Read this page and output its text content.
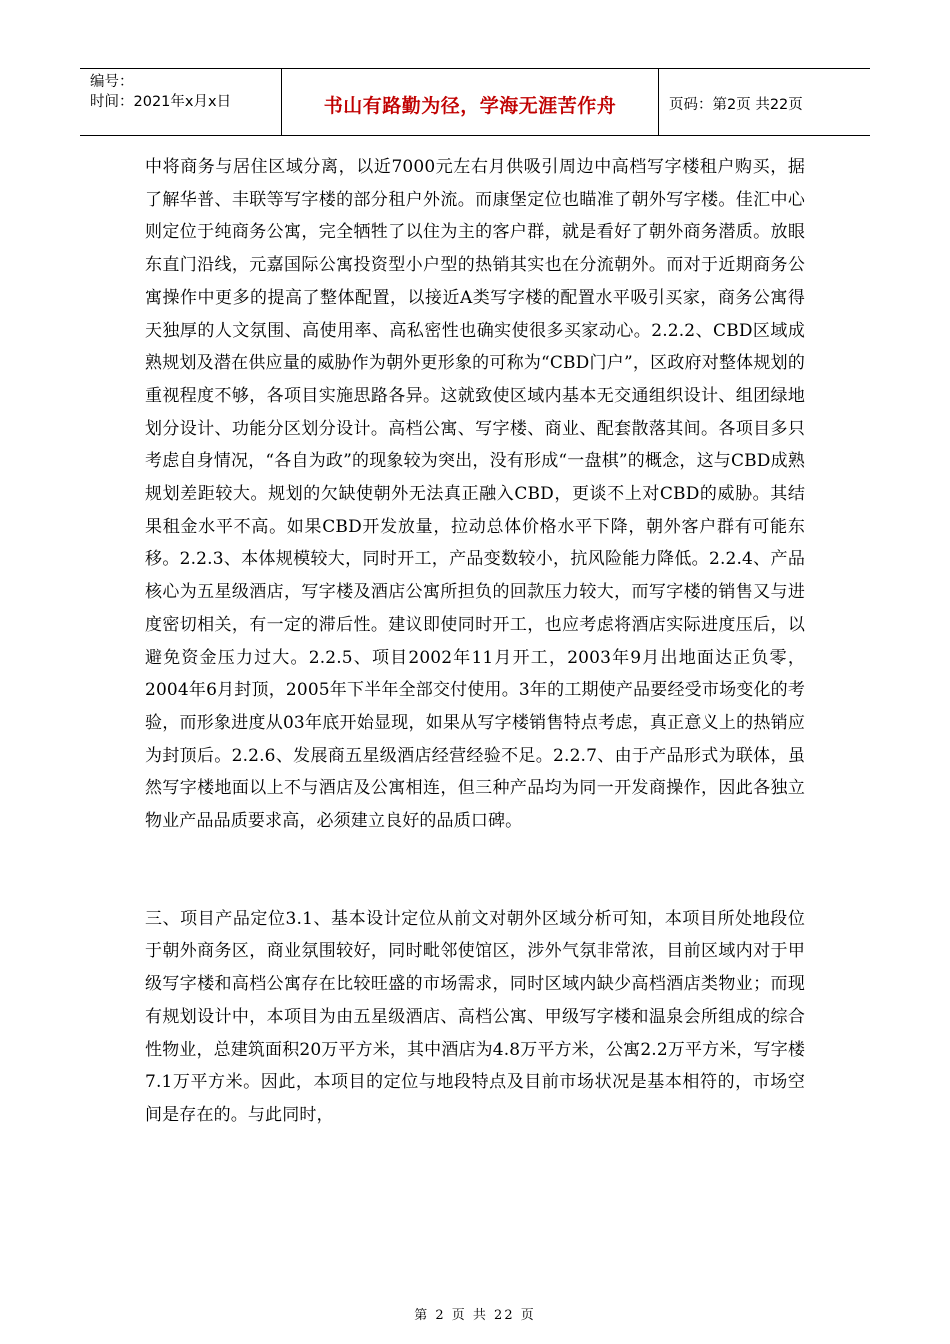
编号：
时间：2021年x月x日	书山有路勤为径，学海无涯苦作舟	页码：第2页 共22页

中将商务与居住区域分离，以近7000元左右月供吸引周边中高档写字楼租户购买，据了解华普、丰联等写字楼的部分租户外流。而康堡定位也瞄准了朝外写字楼。佳汇中心则定位于纯商务公寓，完全牺牲了以住为主的客户群，就是看好了朝外商务潜质。放眼东直门沿线，元嘉国际公寓投资型小户型的热销其实也在分流朝外。而对于近期商务公寓操作中更多的提高了整体配置，以接近A类写字楼的配置水平吸引买家，商务公寓得天独厚的人文氛围、高使用率、高私密性也确实使很多买家动心。2.2.2、CBD区域成熟规划及潜在供应量的威胁作为朝外更形象的可称为“CBD门户”，区政府对整体规划的重视程度不够，各项目实施思路各异。这就致使区域内基本无交通组织设计、组团绿地划分设计、功能分区划分设计。高档公寓、写字楼、商业、配套散落其间。各项目多只考虑自身情况，“各自为政”的现象较为突出，没有形成“一盘棋”的概念，这与CBD成熟规划差距较大。规划的欠缺使朝外无法真正融入CBD，更谈不上对CBD的威胁。其结果租金水平不高。如果CBD开发放量，拉动总体价格水平下降，朝外客户群有可能东移。2.2.3、本体规模较大，同时开工，产品变数较小，抗风险能力降低。2.2.4、产品核心为五星级酒店，写字楼及酒店公寓所担负的回款压力较大，而写字楼的销售又与进度密切相关，有一定的滞后性。建议即使同时开工，也应考虑将酒店实际进度压后，以避免资金压力过大。2.2.5、项目2002年11月开工，2003年9月出地面达正负零，2004年6月封顶，2005年下半年全部交付使用。3年的工期使产品要经受市场变化的考验，而形象进度从03年底开始显现，如果从写字楼销售特点考虑，真正意义上的热销应为封顶后。2.2.6、发展商五星级酒店经营经验不足。2.2.7、由于产品形式为联体，虽然写字楼地面以上不与酒店及公寓相连，但三种产品均为同一开发商操作，因此各独立物业产品品质要求高，必须建立良好的品质口碑。

三、项目产品定位3.1、基本设计定位从前文对朝外区域分析可知，本项目所处地段位于朝外商务区，商业氛围较好，同时毗邻使馆区，涉外气氛非常浓，目前区域内对于甲级写字楼和高档公寓存在比较旺盛的市场需求，同时区域内缺少高档酒店类物业；而现有规划设计中，本项目为由五星级酒店、高档公寓、甲级写字楼和温泉会所组成的综合性物业，总建筑面积20万平方米，其中酒店为4.8万平方米，公寓2.2万平方米，写字楼7.1万平方米。因此，本项目的定位与地段特点及目前市场状况是基本相符的，市场空间是存在的。与此同时，

第 2 页 共 22 页
